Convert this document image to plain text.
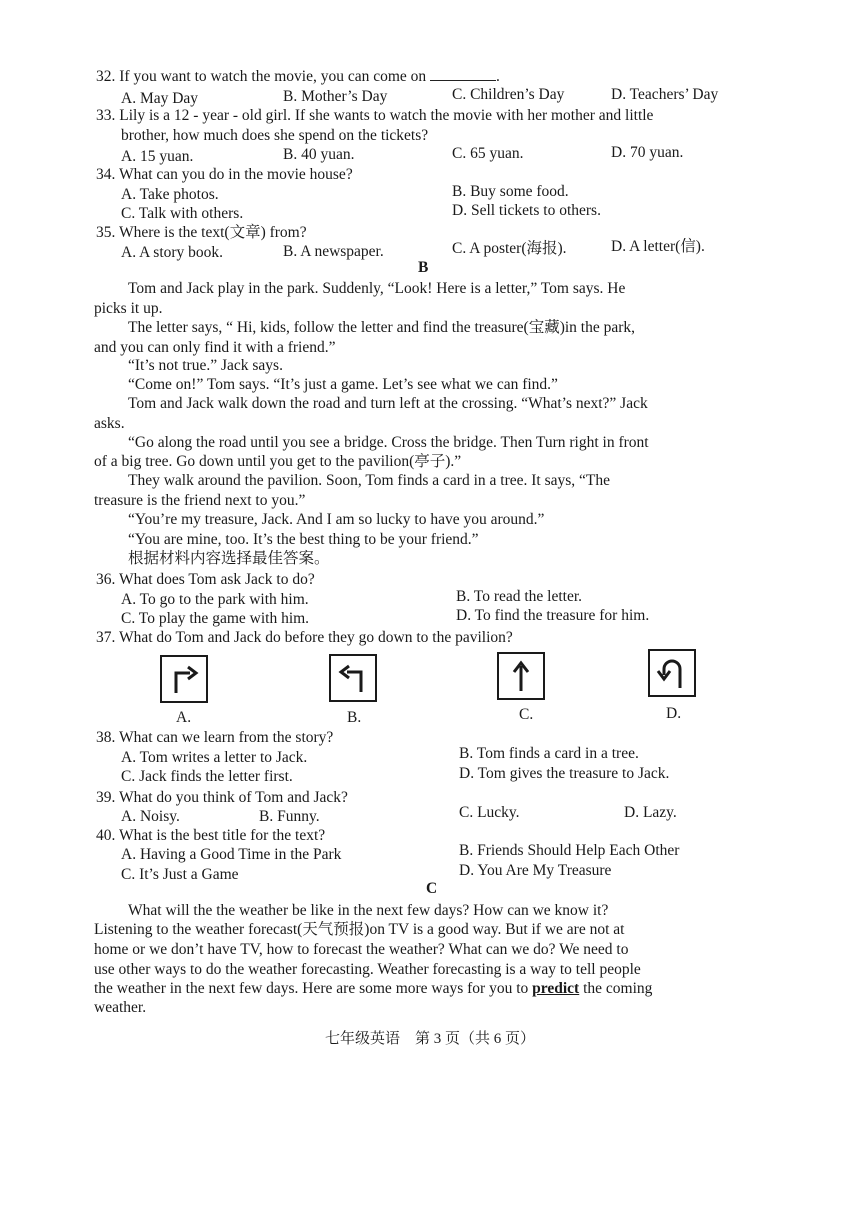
32. If you want to watch the movie, you can come on	.
A. May Day	B. Mother’s Day	C. Children’s Day	D. Teachers’ Day
33. Lily is a 12 - year - old girl. If she wants to watch the movie with her mother and little
brother, how much does she spend on the tickets?
A. 15 yuan.	B. 40 yuan.	C. 65 yuan.	D. 70 yuan.
34. What can you do in the movie house?
A. Take photos.	B. Buy some food.
C. Talk with others.	D. Sell tickets to others.
35. Where is the text(文章) from?
A. A story book.	B. A newspaper.	C. A poster(海报).	D. A letter(信).
B
Tom and Jack play in the park. Suddenly, “Look! Here is a letter,” Tom says. He
picks it up.
The letter says, “ Hi, kids, follow the letter and find the treasure(宝藏)in the park,
and you can only find it with a friend.”
“It’s not true.” Jack says.
“Come on!” Tom says. “It’s just a game. Let’s see what we can find.”
Tom and Jack walk down the road and turn left at the crossing. “What’s next?” Jack
asks.
“Go along the road until you see a bridge. Cross the bridge. Then Turn right in front
of a big tree. Go down until you get to the pavilion(亭子).”
They walk around the pavilion. Soon, Tom finds a card in a tree. It says, “The
treasure is the friend next to you.”
“You’re my treasure, Jack. And I am so lucky to have you around.”
“You are mine, too. It’s the best thing to be your friend.”
根据材料内容选择最佳答案。
36. What does Tom ask Jack to do?
A. To go to the park with him.	B. To read the letter.
C. To play the game with him.	D. To find the treasure for him.
37. What do Tom and Jack do before they go down to the pavilion?
A.	B.	C.	D.
38. What can we learn from the story?
A. Tom writes a letter to Jack.	B. Tom finds a card in a tree.
C. Jack finds the letter first.	D. Tom gives the treasure to Jack.
39. What do you think of Tom and Jack?
A. Noisy.	B. Funny.	C. Lucky.	D. Lazy.
40. What is the best title for the text?
A. Having a Good Time in the Park	B. Friends Should Help Each Other
C. It’s Just a Game	D. You Are My Treasure
C
What will the the weather be like in the next few days? How can we know it?
Listening to the weather forecast(天气预报)on TV is a good way. But if we are not at
home or we don’t have TV, how to forecast the weather? What can we do? We need to
use other ways to do the weather forecasting. Weather forecasting is a way to tell people
the weather in the next few days. Here are some more ways for you to predict the coming
weather.
七年级英语　第 3 页（共 6 页）
